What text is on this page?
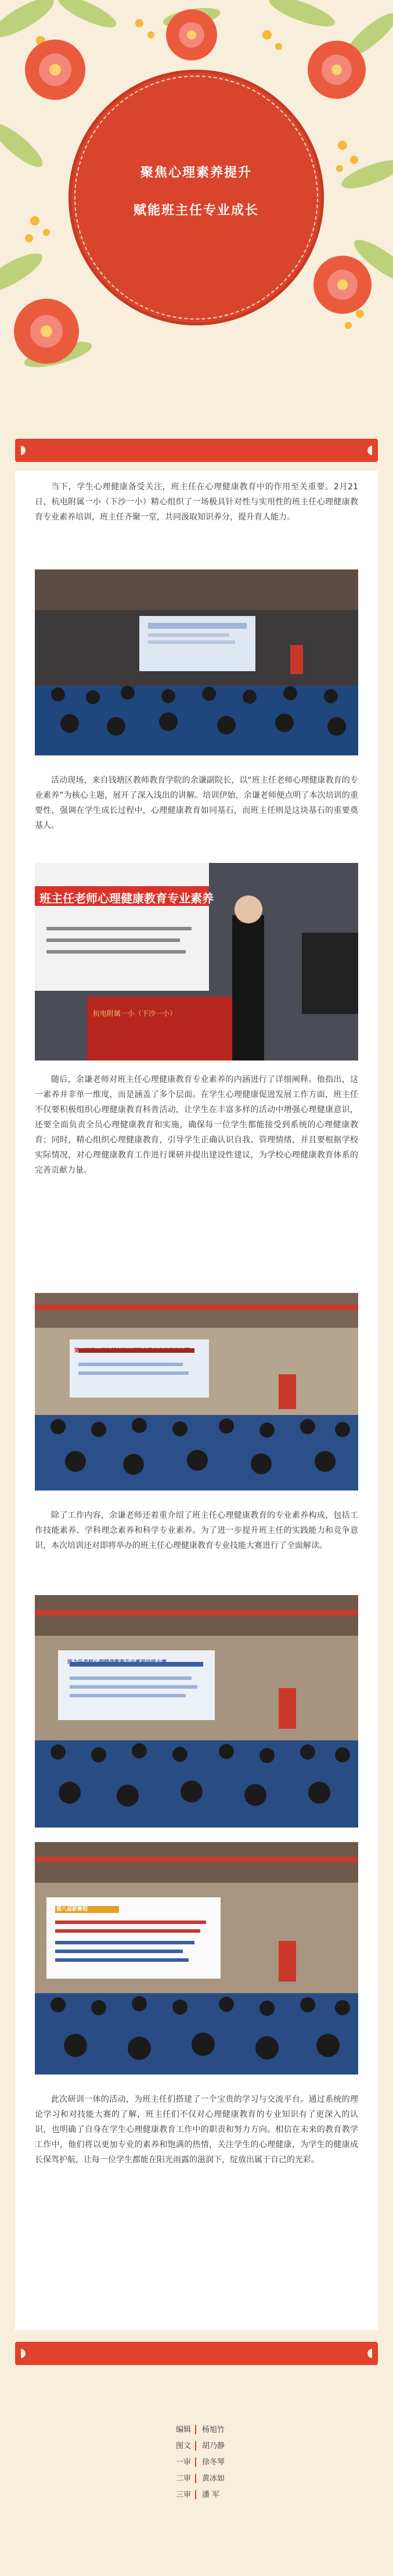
聚焦心理素养提升
赋能班主任专业成长

当下，学生心理健康备受关注，班主任在心理健康教育中的作用至关重要。2月21日，杭电附属一小（下沙一小）精心组织了一场极具针对性与实用性的班主任心理健康教育专业素养培训，班主任齐聚一堂，共同汲取知识养分，提升育人能力。

活动现场，来自钱塘区教师教育学院的余谦副院长，以“班主任老师心理健康教育的专业素养”为核心主题，展开了深入浅出的讲解。培训伊始，余谦老师便点明了本次培训的重要性，强调在学生成长过程中，心理健康教育如同基石，而班主任则是这块基石的重要奠基人。

班主任老师心理健康教育专业素养
杭电附属一小（下沙一小）

随后，余谦老师对班主任心理健康教育专业素养的内涵进行了详细阐释。他指出，这一素养并非单一维度，而是涵盖了多个层面。在学生心理健康促进发展工作方面，班主任不仅要积极组织心理健康教育科普活动，让学生在丰富多样的活动中增强心理健康意识，还要全面负责全员心理健康教育和实施，确保每一位学生都能接受到系统的心理健康教育；同时，精心组织心理健康教育，引导学生正确认识自我、管理情绪，并且要根据学校实际情况，对心理健康教育工作进行课研并提出建设性建议，为学校心理健康教育体系的完善贡献力量。

第一部分：班主任老师心理健康教育专业素养内涵

除了工作内容，余谦老师还着重介绍了班主任心理健康教育的专业素养构成，包括工作技能素养、学科理念素养和科学专业素养。为了进一步提升班主任的实践能力和竞争意识，本次培训还对即将举办的班主任心理健康教育专业技能大赛进行了全面解读。

班主任老师心理健康教育专业素养技能大赛
第八届新赛程

此次研训一体的活动，为班主任们搭建了一个宝贵的学习与交流平台。通过系统的理论学习和对技能大赛的了解，班主任们不仅对心理健康教育的专业知识有了更深入的认识，也明确了自身在学生心理健康教育工作中的职责和努力方向。相信在未来的教育教学工作中，他们将以更加专业的素养和饱满的热情，关注学生的心理健康，为学生的健康成长保驾护航，让每一位学生都能在阳光雨露的滋润下，绽放出属于自己的光彩。

编辑 杨旭竹
图文 胡乃静
一审 徐冬琴
二审 黄冰如
三审 潘 军
